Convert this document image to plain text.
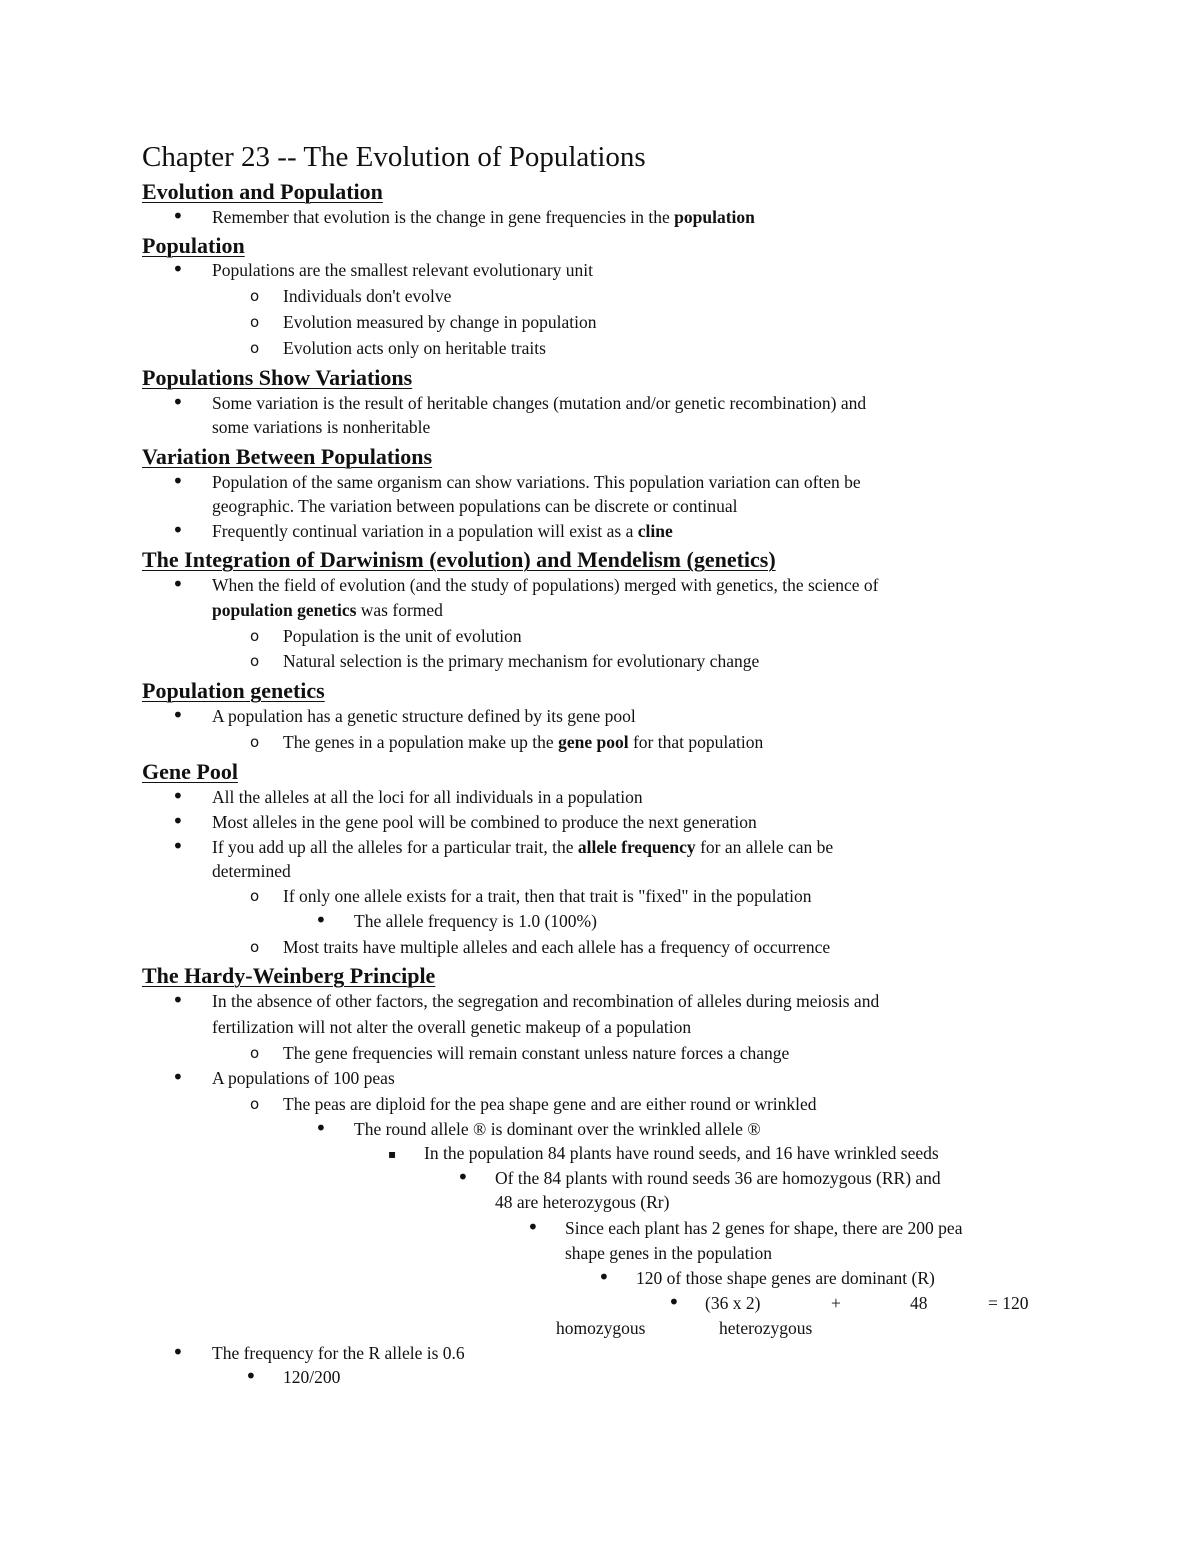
Chapter 23 -- The Evolution of Populations
Evolution and Population
•
Remember that evolution is the change in gene frequencies in the population
Population
•
Populations are the smallest relevant evolutionary unit
o
Individuals don't evolve
o
Evolution measured by change in population
o
Evolution acts only on heritable traits
Populations Show Variations
•
Some variation is the result of heritable changes (mutation and/or genetic recombination) and
some variations is nonheritable
Variation Between Populations
•
Population of the same organism can show variations. This population variation can often be
geographic. The variation between populations can be discrete or continual
•
Frequently continual variation in a population will exist as a cline
The Integration of Darwinism (evolution) and Mendelism (genetics)
•
When the field of evolution (and the study of populations) merged with genetics, the science of
population genetics was formed
o
Population is the unit of evolution
o
Natural selection is the primary mechanism for evolutionary change
Population genetics
•
A population has a genetic structure defined by its gene pool
o
The genes in a population make up the gene pool for that population
Gene Pool
•
All the alleles at all the loci for all individuals in a population
•
Most alleles in the gene pool will be combined to produce the next generation
•
If you add up all the alleles for a particular trait, the allele frequency for an allele can be
determined
o
If only one allele exists for a trait, then that trait is "fixed" in the population
•
The allele frequency is 1.0 (100%)
o
Most traits have multiple alleles and each allele has a frequency of occurrence
The Hardy-Weinberg Principle
•
In the absence of other factors, the segregation and recombination of alleles during meiosis and
fertilization will not alter the overall genetic makeup of a population
o
The gene frequencies will remain constant unless nature forces a change
•
A populations of 100 peas
o
The peas are diploid for the pea shape gene and are either round or wrinkled
•
The round allele ® is dominant over the wrinkled allele ®
▪
In the population 84 plants have round seeds, and 16 have wrinkled seeds
•
Of the 84 plants with round seeds 36 are homozygous (RR) and
48 are heterozygous (Rr)
•
Since each plant has 2 genes for shape, there are 200 pea
shape genes in the population
•
120 of those shape genes are dominant (R)
•
(36 x 2)	+	48	= 120
homozygous	heterozygous
•
The frequency for the R allele is 0.6
•
120/200
